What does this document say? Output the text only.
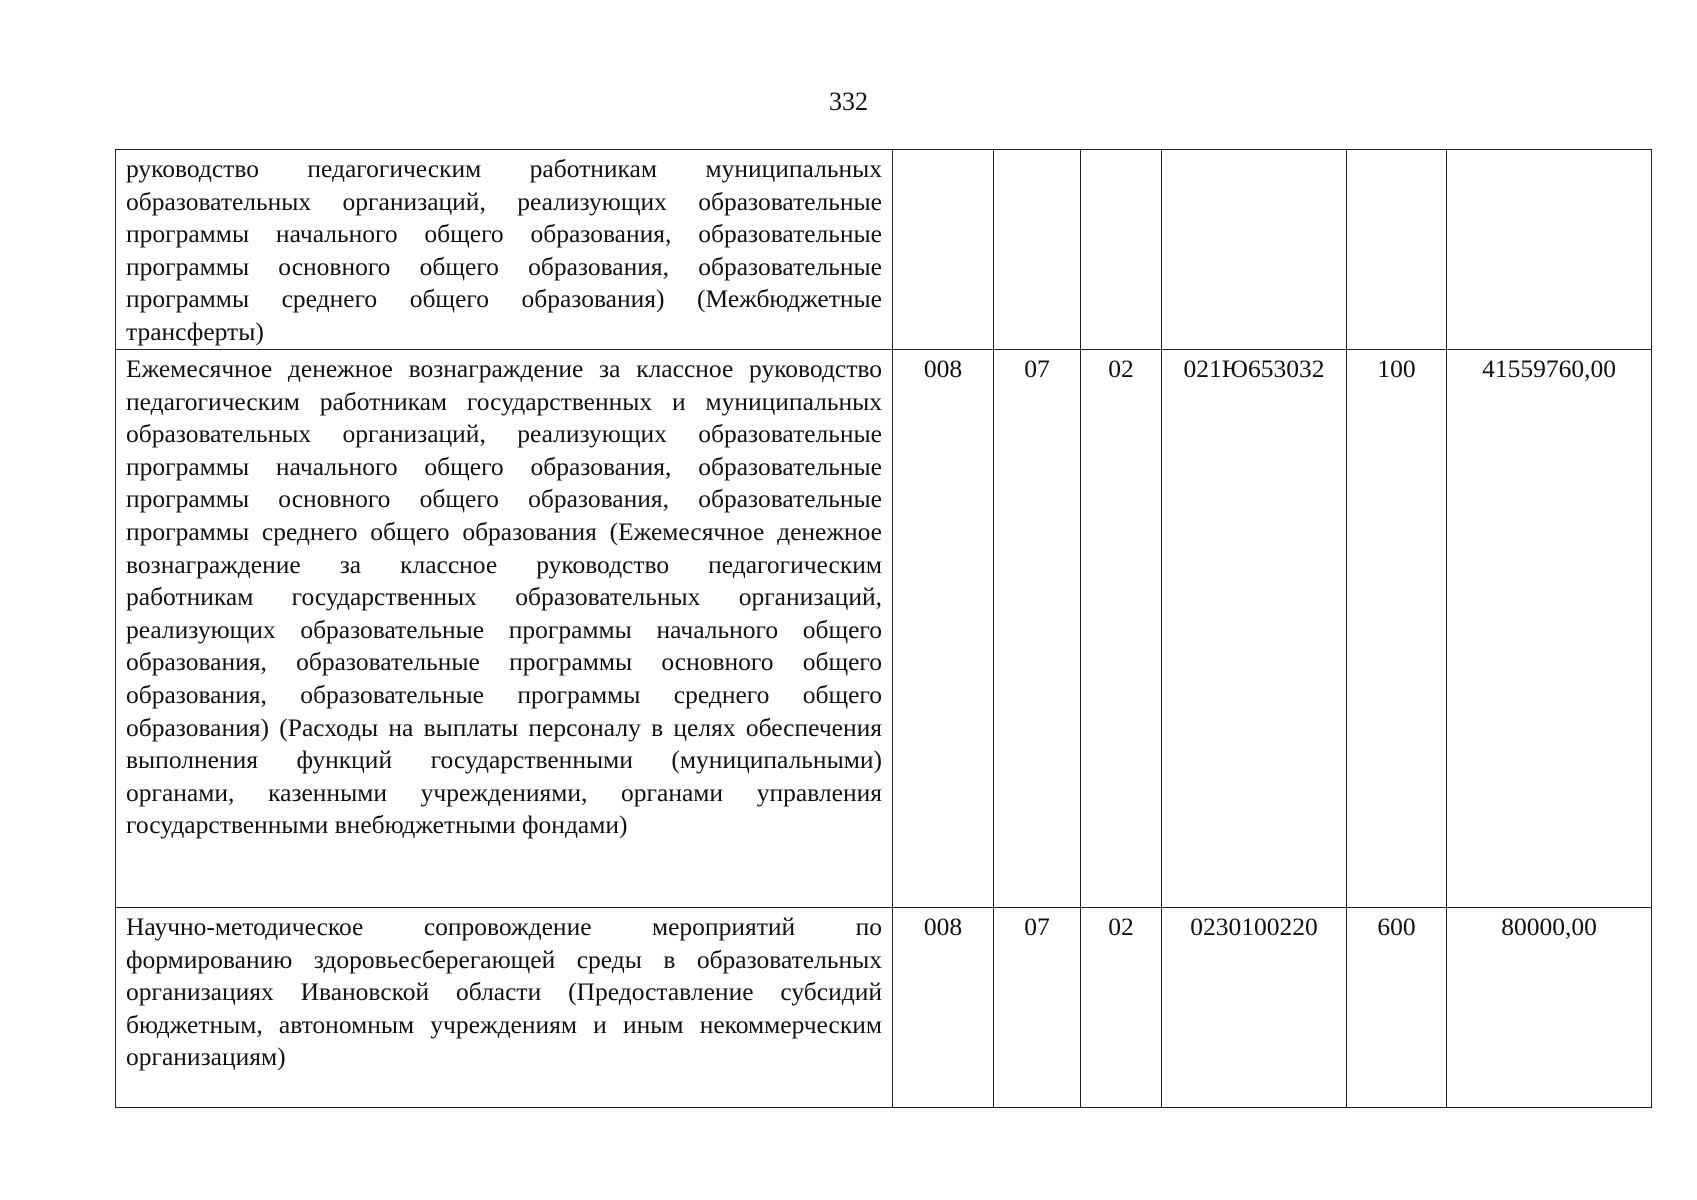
332
руководство педагогическим работникам муниципальных образовательных организаций, реализующих образовательные программы начального общего образования, образовательные программы основного общего образования, образовательные программы среднего общего образования) (Межбюджетные трансферты)						
Ежемесячное денежное вознаграждение за классное руководство педагогическим работникам государственных и муниципальных образовательных организаций, реализующих образовательные программы начального общего образования, образовательные программы основного общего образования, образовательные программы среднего общего образования (Ежемесячное денежное вознаграждение за классное руководство педагогическим работникам государственных образовательных организаций, реализующих образовательные программы начального общего образования, образовательные программы основного общего образования, образовательные программы среднего общего образования) (Расходы на выплаты персоналу в целях обеспечения выполнения функций государственными (муниципальными) органами, казенными учреждениями, органами управления государственными внебюджетными фондами)	008	07	02	021Ю653032	100	41559760,00
Научно-методическое сопровождение мероприятий по формированию здоровьесберегающей среды в образовательных организациях Ивановской области (Предоставление субсидий бюджетным, автономным учреждениям и иным некоммерческим организациям)	008	07	02	0230100220	600	80000,00
